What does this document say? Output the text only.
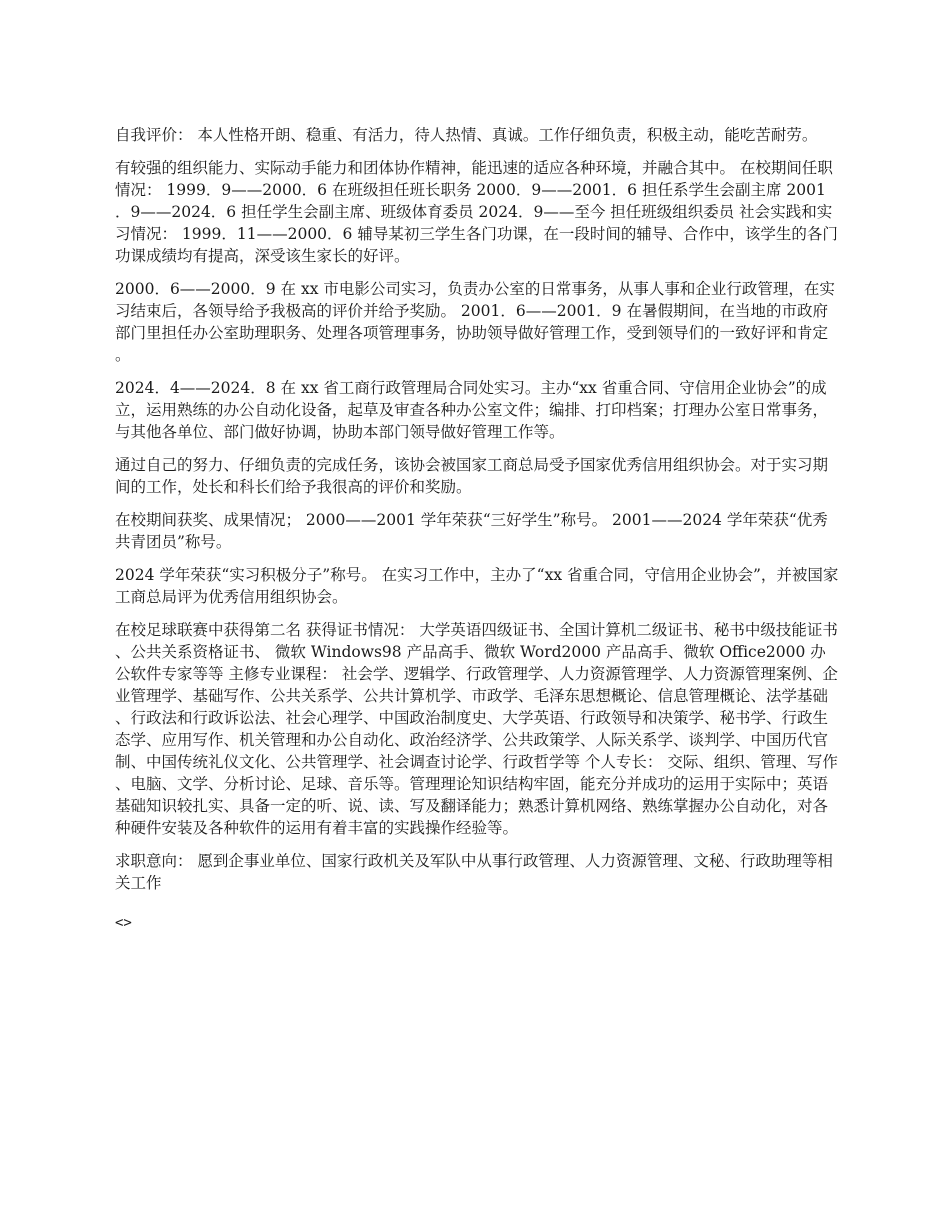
自我评价： 本人性格开朗、稳重、有活力，待人热情、真诚。工作仔细负责，积极主动，能吃苦耐劳。

有较强的组织能力、实际动手能力和团体协作精神，能迅速的适应各种环境，并融合其中。 在校期间任职情况： 1999．9——2000．6 在班级担任班长职务 2000．9——2001．6 担任系学生会副主席 2001．9——2024．6 担任学生会副主席、班级体育委员 2024．9——至今 担任班级组织委员 社会实践和实习情况： 1999．11——2000．6 辅导某初三学生各门功课，在一段时间的辅导、合作中，该学生的各门功课成绩均有提高，深受该生家长的好评。

2000．6——2000．9 在 xx 市电影公司实习，负责办公室的日常事务，从事人事和企业行政管理，在实习结束后，各领导给予我极高的评价并给予奖励。 2001．6——2001．9 在暑假期间，在当地的市政府部门里担任办公室助理职务、处理各项管理事务，协助领导做好管理工作，受到领导们的一致好评和肯定。

2024．4——2024．8 在 xx 省工商行政管理局合同处实习。主办“xx 省重合同、守信用企业协会”的成立，运用熟练的办公自动化设备，起草及审查各种办公室文件；编排、打印档案；打理办公室日常事务，与其他各单位、部门做好协调，协助本部门领导做好管理工作等。

通过自己的努力、仔细负责的完成任务，该协会被国家工商总局受予国家优秀信用组织协会。对于实习期间的工作，处长和科长们给予我很高的评价和奖励。

在校期间获奖、成果情况； 2000——2001 学年荣获“三好学生”称号。 2001——2024 学年荣获“优秀共青团员”称号。

2024 学年荣获“实习积极分子”称号。 在实习工作中，主办了“xx 省重合同，守信用企业协会”，并被国家工商总局评为优秀信用组织协会。

在校足球联赛中获得第二名 获得证书情况： 大学英语四级证书、全国计算机二级证书、秘书中级技能证书、公共关系资格证书、 微软 Windows98 产品高手、微软 Word2000 产品高手、微软 Office2000 办公软件专家等等 主修专业课程： 社会学、逻辑学、行政管理学、人力资源管理学、人力资源管理案例、企业管理学、基础写作、公共关系学、公共计算机学、市政学、毛泽东思想概论、信息管理概论、法学基础、行政法和行政诉讼法、社会心理学、中国政治制度史、大学英语、行政领导和决策学、秘书学、行政生态学、应用写作、机关管理和办公自动化、政治经济学、公共政策学、人际关系学、谈判学、中国历代官制、中国传统礼仪文化、公共管理学、社会调查讨论学、行政哲学等 个人专长： 交际、组织、管理、写作、电脑、文学、分析讨论、足球、音乐等。管理理论知识结构牢固，能充分并成功的运用于实际中；英语基础知识较扎实、具备一定的听、说、读、写及翻译能力；熟悉计算机网络、熟练掌握办公自动化，对各种硬件安装及各种软件的运用有着丰富的实践操作经验等。

求职意向： 愿到企事业单位、国家行政机关及军队中从事行政管理、人力资源管理、文秘、行政助理等相关工作

<>
